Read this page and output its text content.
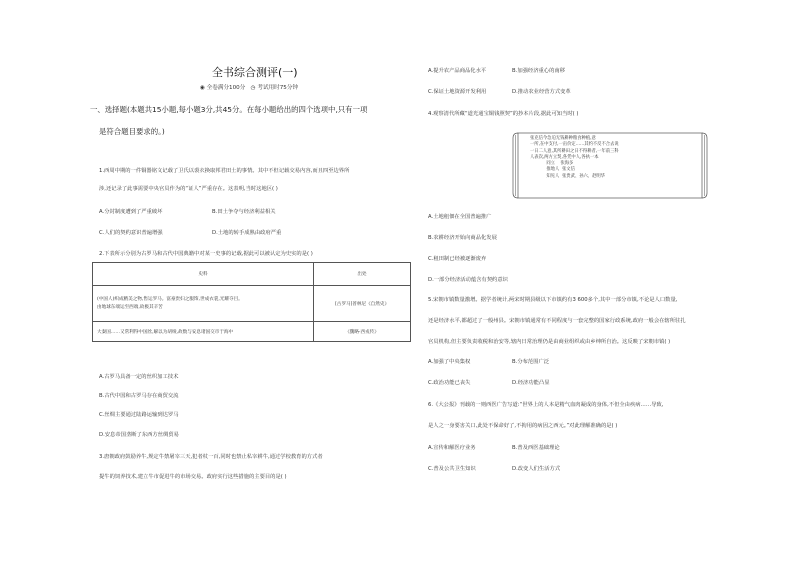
全书综合测评(一)
◉ 全卷满分100分 ◷ 考试用时75分钟
一、选择题(本题共15小题,每小题3分,共45分。在每小题给出的四个选项中,只有一项
是符合题目要求的。)
1.西周中期的一件铜器铭文记载了卫氏以裘衣换取邦君田土的事情。其中不但记载交易内容,而且四至边界所
涉,还记录了此事需要中央官员作为的“证人”严重存在。这表明,当时这地区( )
A.分封制度遭到了严重破坏	B.田土争夺与经济利益相关
C.人们的契约意识普遍增强	D.土地的转手成熟由政府严重
2.下表所示分别为古罗马和古代中国典籍中对某一史事的记载,据此可以被认定为史实的是( )
史料	出处

(中国人)织成精美之物,售运罗马。富豪贵妇之服饰,世成衣裳,光耀夺目。
由地球东端运至西端,故极其辛苦	[古罗马]普林尼《自然史》
大秦国……又常利得中国丝,解以为胡绫,故数与安息诸国交市于海中	《魏略·西戎传》
A.古罗马具备一定的丝织加工技术
B.古代中国和古罗马存在商贸交流
C.丝绸主要通过陆路运输到达罗马
D.安息帝国垄断了东西方丝绸贸易
3.唐朝政府鼓励养牛,规定牛禁屠宰三天,犯者杖一百,同时也禁止私宰耕牛,通过学校教育的方式者
提牛的饲养技术,建立牛市促进牛的市场交易。政府实行这些措施的主要目的是( )
A.提升农产品商品化水平	B.加强经济重心的南移
C.保证土地资源开发利用	D.推动农业经营方式变革
4.观察清代所藏“道光通宝铜钱照契”的抄本片段,据此可知当时( )
张克信今急迫无钱耕种粮食种植,意
一所,在中支付,一亩价定……其约不反不合去说
一日二人意,其所耕田之日不得耕者,一年前三科
人表次,两方立契,各凭中人,各执一本
同立    张海多
推地人  张文信
知见人  张贵武、孙六、赵明华
A.土地租佃在全国普遍推广
B.农耕经济开始向商品化发展
C.租田制已经被逐渐废弃
D.一部分经济活动蕴含有契约意识
5.宋朝市镇数量激增。据学者统计,两宋时期县级以下市镇约有3 600多个,其中一部分市镇,不论是人口数量,
还是经济水平,都超过了一般州县。宋朝市镇通常有不同程度与一套完整的国家行政系统,政府一般会在辖所驻扎
官员机构,但主要负责收税和治安等,辖内日常治理仍是由商业组织或由乡绅所自治。这反映了宋朝市镇( )
A.加强了中央集权	B.分布范围广泛
C.政治功能已丧失	D.经济功能凸显
6.《大公报》刊载的一则西医广告写道:“世界上的人本是精气血肉凝成的身体,不但全由疾病……导致,
是人之一身要害关口,此处不保命好了,不拘用的病因之西元。”对此理解准确的是( )
A.宣传和解医疗业务	B.普及西医基础理论
C.普及公共卫生知识	D.改变人们生活方式
